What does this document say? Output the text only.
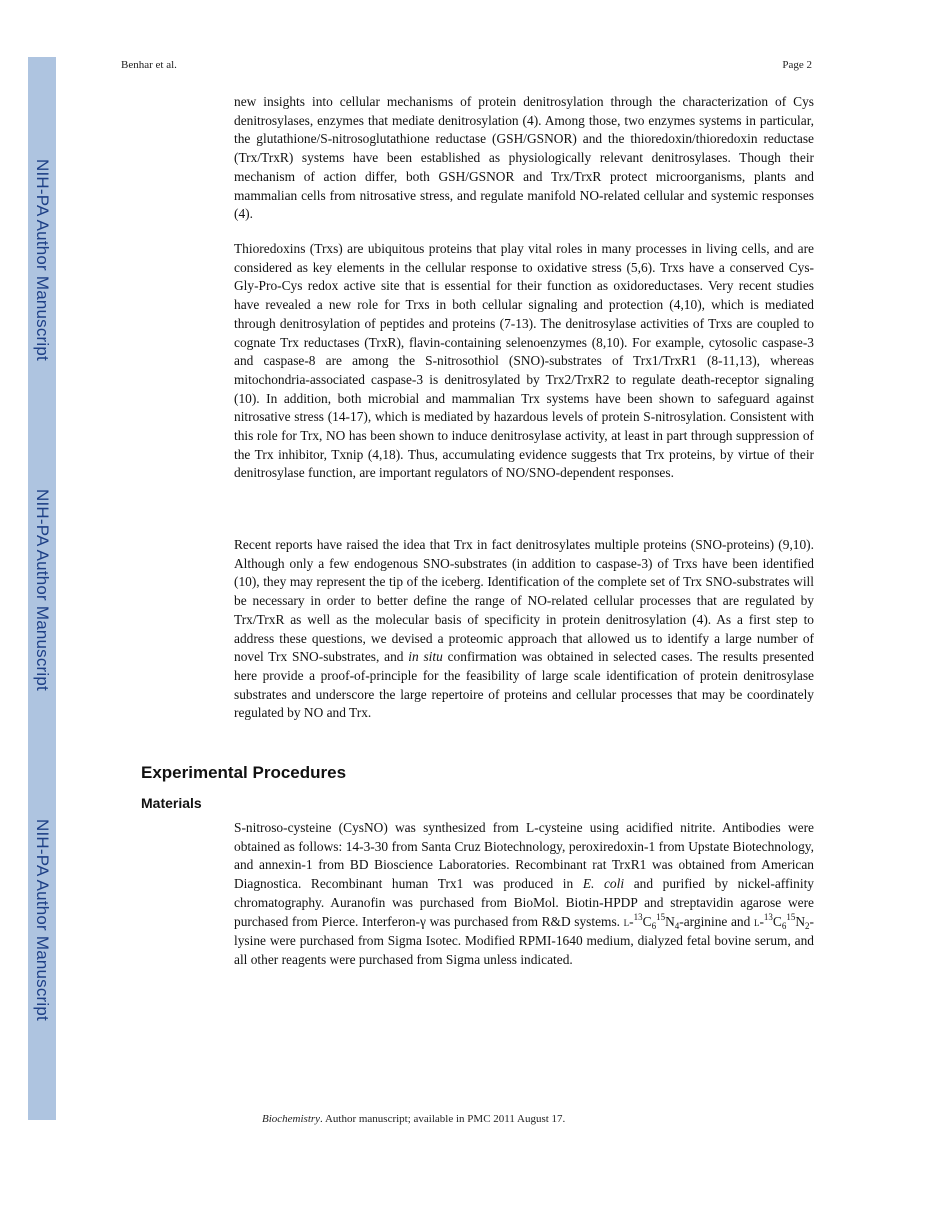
NIH-PA Author Manuscript
NIH-PA Author Manuscript
NIH-PA Author Manuscript
Benhar et al.	Page 2

new insights into cellular mechanisms of protein denitrosylation through the characterization of Cys denitrosylases, enzymes that mediate denitrosylation (4). Among those, two enzymes systems in particular, the glutathione/S-nitrosoglutathione reductase (GSH/GSNOR) and the thioredoxin/thioredoxin reductase (Trx/TrxR) systems have been established as physiologically relevant denitrosylases. Though their mechanism of action differ, both GSH/GSNOR and Trx/TrxR protect microorganisms, plants and mammalian cells from nitrosative stress, and regulate manifold NO-related cellular and systemic responses (4).

Thioredoxins (Trxs) are ubiquitous proteins that play vital roles in many processes in living cells, and are considered as key elements in the cellular response to oxidative stress (5,6). Trxs have a conserved Cys-Gly-Pro-Cys redox active site that is essential for their function as oxidoreductases. Very recent studies have revealed a new role for Trxs in both cellular signaling and protection (4,10), which is mediated through denitrosylation of peptides and proteins (7-13). The denitrosylase activities of Trxs are coupled to cognate Trx reductases (TrxR), flavin-containing selenoenzymes (8,10). For example, cytosolic caspase-3 and caspase-8 are among the S-nitrosothiol (SNO)-substrates of Trx1/TrxR1 (8-11,13), whereas mitochondria-associated caspase-3 is denitrosylated by Trx2/TrxR2 to regulate death-receptor signaling (10). In addition, both microbial and mammalian Trx systems have been shown to safeguard against nitrosative stress (14-17), which is mediated by hazardous levels of protein S-nitrosylation. Consistent with this role for Trx, NO has been shown to induce denitrosylase activity, at least in part through suppression of the Trx inhibitor, Txnip (4,18). Thus, accumulating evidence suggests that Trx proteins, by virtue of their denitrosylase function, are important regulators of NO/SNO-dependent responses.

Recent reports have raised the idea that Trx in fact denitrosylates multiple proteins (SNO-proteins) (9,10). Although only a few endogenous SNO-substrates (in addition to caspase-3) of Trxs have been identified (10), they may represent the tip of the iceberg. Identification of the complete set of Trx SNO-substrates will be necessary in order to better define the range of NO-related cellular processes that are regulated by Trx/TrxR as well as the molecular basis of specificity in protein denitrosylation (4). As a first step to address these questions, we devised a proteomic approach that allowed us to identify a large number of novel Trx SNO-substrates, and in situ confirmation was obtained in selected cases. The results presented here provide a proof-of-principle for the feasibility of large scale identification of protein denitrosylase substrates and underscore the large repertoire of proteins and cellular processes that may be coordinately regulated by NO and Trx.

Experimental Procedures
Materials

S-nitroso-cysteine (CysNO) was synthesized from L-cysteine using acidified nitrite. Antibodies were obtained as follows: 14-3-30 from Santa Cruz Biotechnology, peroxiredoxin-1 from Upstate Biotechnology, and annexin-1 from BD Bioscience Laboratories. Recombinant rat TrxR1 was obtained from American Diagnostica. Recombinant human Trx1 was produced in E. coli and purified by nickel-affinity chromatography. Auranofin was purchased from BioMol. Biotin-HPDP and streptavidin agarose were purchased from Pierce. Interferon-γ was purchased from R&D systems. $L-^{13}C_6^{15}N_4$-arginine and $L-^{13}C_6^{15}N_2$-lysine were purchased from Sigma Isotec. Modified RPMI-1640 medium, dialyzed fetal bovine serum, and all other reagents were purchased from Sigma unless indicated.

Biochemistry. Author manuscript; available in PMC 2011 August 17.
